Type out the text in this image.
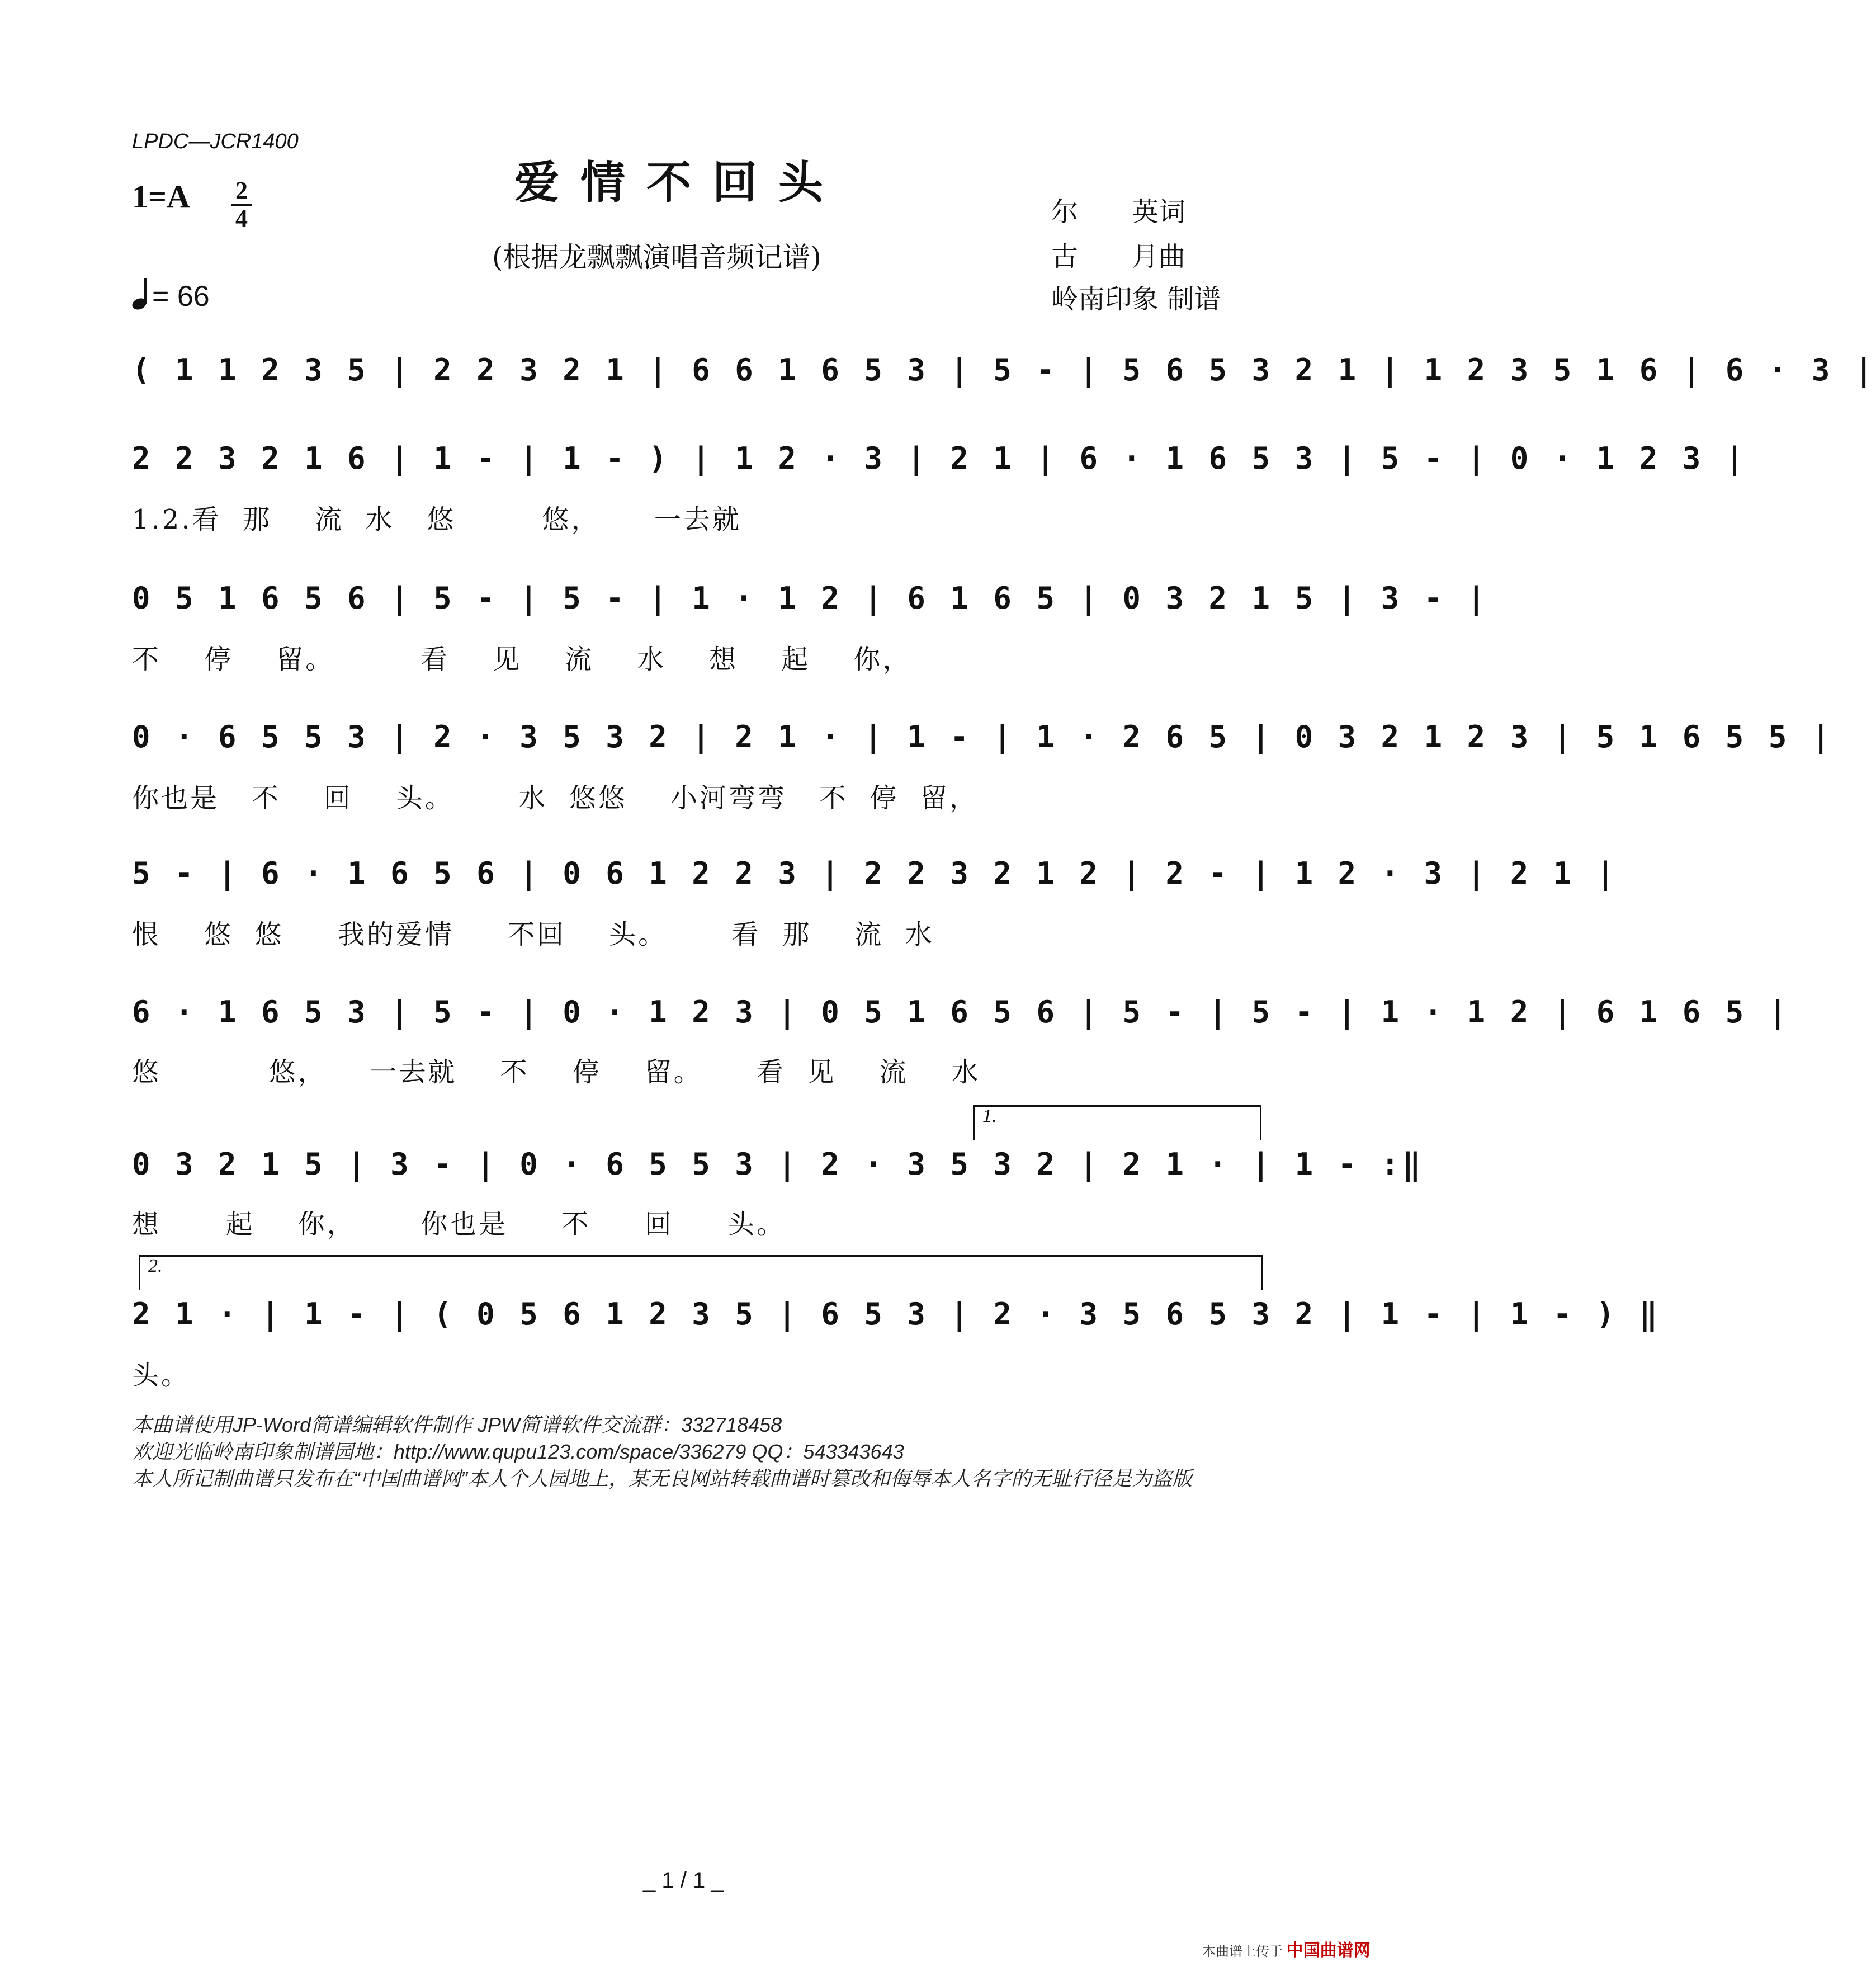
LPDC—JCR1400
1=A 2
4
= 66
爱情不回头
(根据龙飘飘演唱音频记谱)
尔　　英词
古　　月曲
岭南印象 制谱
( 1 1 2 3 5 | 2 2 3 2 1 | 6 6 1 6 5 3 | 5 - | 5 6 5 3 2 1 | 1 2 3 5 1 6 | 6 · 3 |
2 2 3 2 1 6 | 1 - | 1 - ) | 1 2 · 3 | 2 1 | 6 · 1 6 5 3 | 5 - | 0 · 1 2 3 |
1.2.看  那    流  水   悠        悠，     一去就
0 5 1 6 5 6 | 5 - | 5 - | 1 · 1 2 | 6 1 6 5 | 0 3 2 1 5 | 3 - |
不    停    留。        看    见    流    水    想    起    你，
0 · 6 5 5 3 | 2 · 3 5 3 2 | 2 1 · | 1 - | 1 · 2 6 5 | 0 3 2 1 2 3 | 5 1 6 5 5 |
你也是   不    回    头。      水  悠悠    小河弯弯   不  停  留，
5 - | 6 · 1 6 5 6 | 0 6 1 2 2 3 | 2 2 3 2 1 2 | 2 - | 1 2 · 3 | 2 1 |
恨    悠  悠     我的爱情     不回    头。      看  那    流  水
6 · 1 6 5 3 | 5 - | 0 · 1 2 3 | 0 5 1 6 5 6 | 5 - | 5 - | 1 · 1 2 | 6 1 6 5 |
悠          悠，    一去就    不    停    留。     看  见    流    水
1.
0 3 2 1 5 | 3 - | 0 · 6 5 5 3 | 2 · 3 5 3 2 | 2 1 · | 1 - :‖
想      起    你，      你也是     不     回     头。
2.
2 1 · | 1 - | ( 0 5 6 1 2 3 5 | 6 5 3 | 2 · 3 5 6 5 3 2 | 1 - | 1 - ) ‖
头。
本曲谱使用JP-Word简谱编辑软件制作 JPW简谱软件交流群：332718458
欢迎光临岭南印象制谱园地：http://www.qupu123.com/space/336279 QQ：543343643
本人所记制曲谱只发布在“中国曲谱网”本人个人园地上，某无良网站转载曲谱时篡改和侮辱本人名字的无耻行径是为盗版
_ 1 / 1 _
本曲谱上传于 中国曲谱网
